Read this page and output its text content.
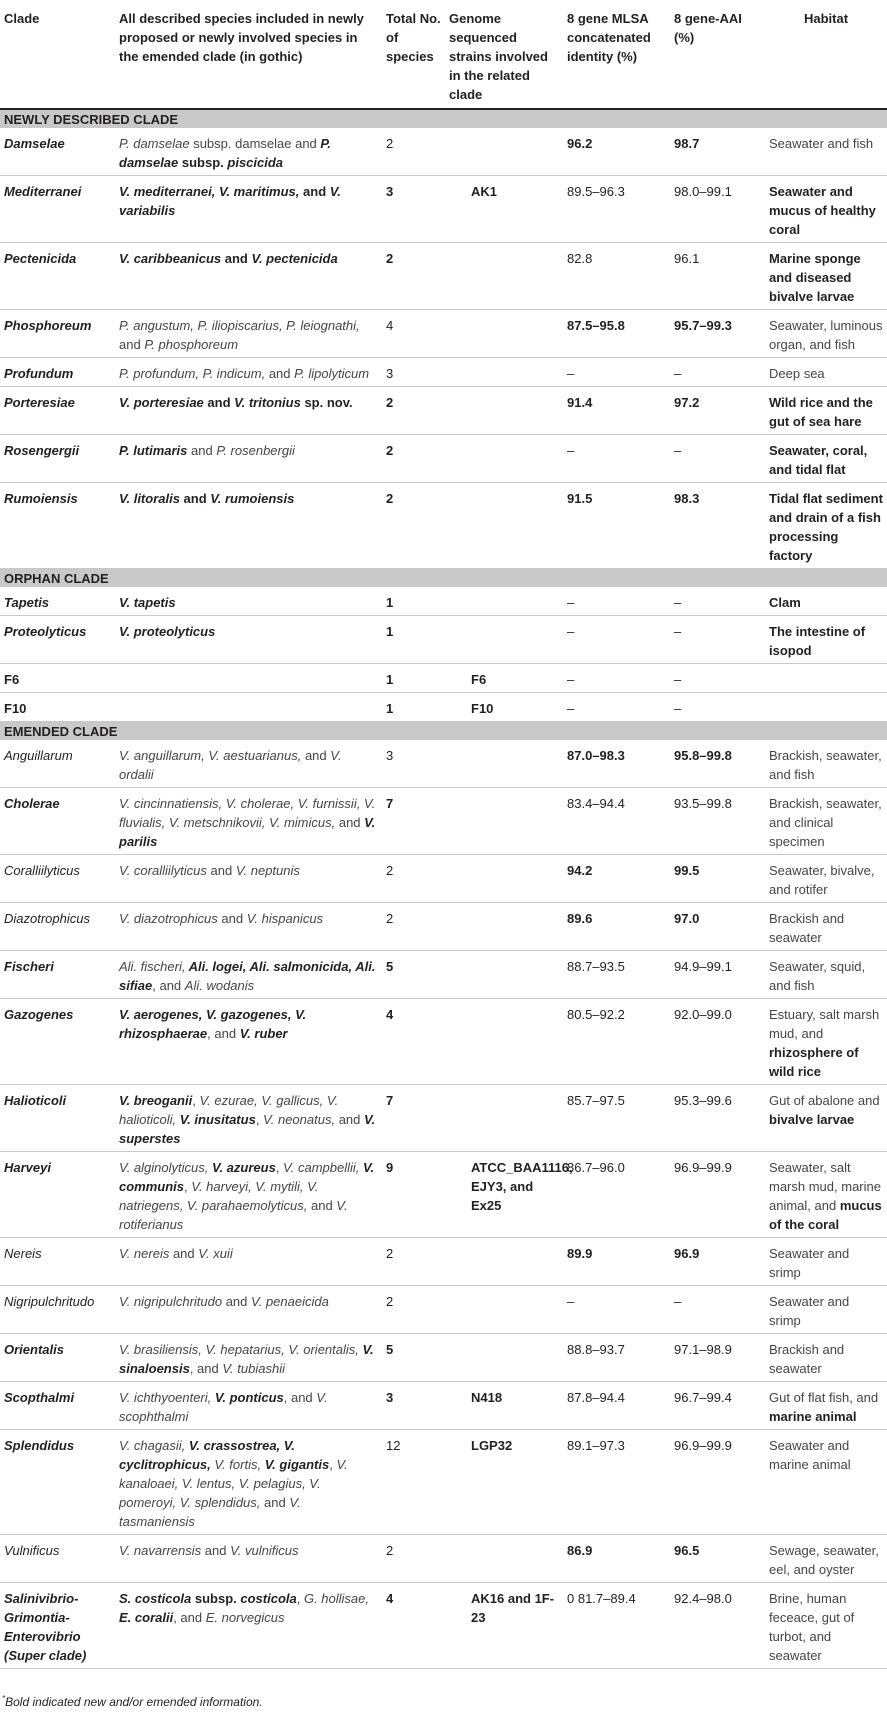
Clade	All described species included in newly proposed or newly involved species in the emended clade (in gothic)	Total No. of species	Genome sequenced strains involved in the related clade	8 gene MLSA concatenated identity (%)	8 gene-AAI (%)	Habitat
NEWLY DESCRIBED CLADE						
Damselae	P. damselae subsp. damselae and P. damselae subsp. piscicida	2		96.2	98.7	Seawater and fish
Mediterranei	V. mediterranei, V. maritimus, and V. variabilis	3	AK1	89.5–96.3	98.0–99.1	Seawater and mucus of healthy coral
Pectenicida	V. caribbeanicus and V. pectenicida	2		82.8	96.1	Marine sponge and diseased bivalve larvae
Phosphoreum	P. angustum, P. iliopiscarius, P. leiognathi, and P. phosphoreum	4		87.5–95.8	95.7–99.3	Seawater, luminous organ, and fish
Profundum	P. profundum, P. indicum, and P. lipolyticum	3		–	–	Deep sea
Porteresiae	V. porteresiae and V. tritonius sp. nov.	2		91.4	97.2	Wild rice and the gut of sea hare
Rosengergii	P. lutimaris and P. rosenbergii	2		–	–	Seawater, coral, and tidal flat
Rumoiensis	V. litoralis and V. rumoiensis	2		91.5	98.3	Tidal flat sediment and drain of a fish processing factory
ORPHAN CLADE						
Tapetis	V. tapetis	1		–	–	Clam
Proteolyticus	V. proteolyticus	1		–	–	The intestine of isopod
F6		1	F6	–	–	
F10		1	F10	–	–	
EMENDED CLADE						
Anguillarum	V. anguillarum, V. aestuarianus, and V. ordalii	3		87.0–98.3	95.8–99.8	Brackish, seawater, and fish
Cholerae	V. cincinnatiensis, V. cholerae, V. furnissii, V. fluvialis, V. metschnikovii, V. mimicus, and V. parilis	7		83.4–94.4	93.5–99.8	Brackish, seawater, and clinical specimen
Coralliilyticus	V. coralliilyticus and V. neptunis	2		94.2	99.5	Seawater, bivalve, and rotifer
Diazotrophicus	V. diazotrophicus and V. hispanicus	2		89.6	97.0	Brackish and seawater
Fischeri	Ali. fischeri, Ali. logei, Ali. salmonicida, Ali. sifiae, and Ali. wodanis	5		88.7–93.5	94.9–99.1	Seawater, squid, and fish
Gazogenes	V. aerogenes, V. gazogenes, V. rhizosphaerae, and V. ruber	4		80.5–92.2	92.0–99.0	Estuary, salt marsh mud, and rhizosphere of wild rice
Halioticoli	V. breoganii, V. ezurae, V. gallicus, V. halioticoli, V. inusitatus, V. neonatus, and V. superstes	7		85.7–97.5	95.3–99.6	Gut of abalone and bivalve larvae
Harveyi	V. alginolyticus, V. azureus, V. campbellii, V. communis, V. harveyi, V. mytili, V. natriegens, V. parahaemolyticus, and V. rotiferianus	9	ATCC_BAA1116, EJY3, and Ex25	86.7–96.0	96.9–99.9	Seawater, salt marsh mud, marine animal, and mucus of the coral
Nereis	V. nereis and V. xuii	2		89.9	96.9	Seawater and srimp
Nigripulchritudo	V. nigripulchritudo and V. penaeicida	2		–	–	Seawater and srimp
Orientalis	V. brasiliensis, V. hepatarius, V. orientalis, V. sinaloensis, and V. tubiashii	5		88.8–93.7	97.1–98.9	Brackish and seawater
Scopthalmi	V. ichthyoenteri, V. ponticus, and V. scophthalmi	3	N418	87.8–94.4	96.7–99.4	Gut of flat fish, and marine animal
Splendidus	V. chagasii, V. crassostrea, V. cyclitrophicus, V. fortis, V. gigantis, V. kanaloaei, V. lentus, V. pelagius, V. pomeroyi, V. splendidus, and V. tasmaniensis	12	LGP32	89.1–97.3	96.9–99.9	Seawater and marine animal
Vulnificus	V. navarrensis and V. vulnificus	2		86.9	96.5	Sewage, seawater, eel, and oyster
Salinivibrio-Grimontia-Enterovibrio (Super clade)	S. costicola subsp. costicola, G. hollisae, E. coralii, and E. norvegicus	4	AK16 and 1F-23	0 81.7–89.4	92.4–98.0	Brine, human feceace, gut of turbot, and seawater
*Bold indicated new and/or emended information.
